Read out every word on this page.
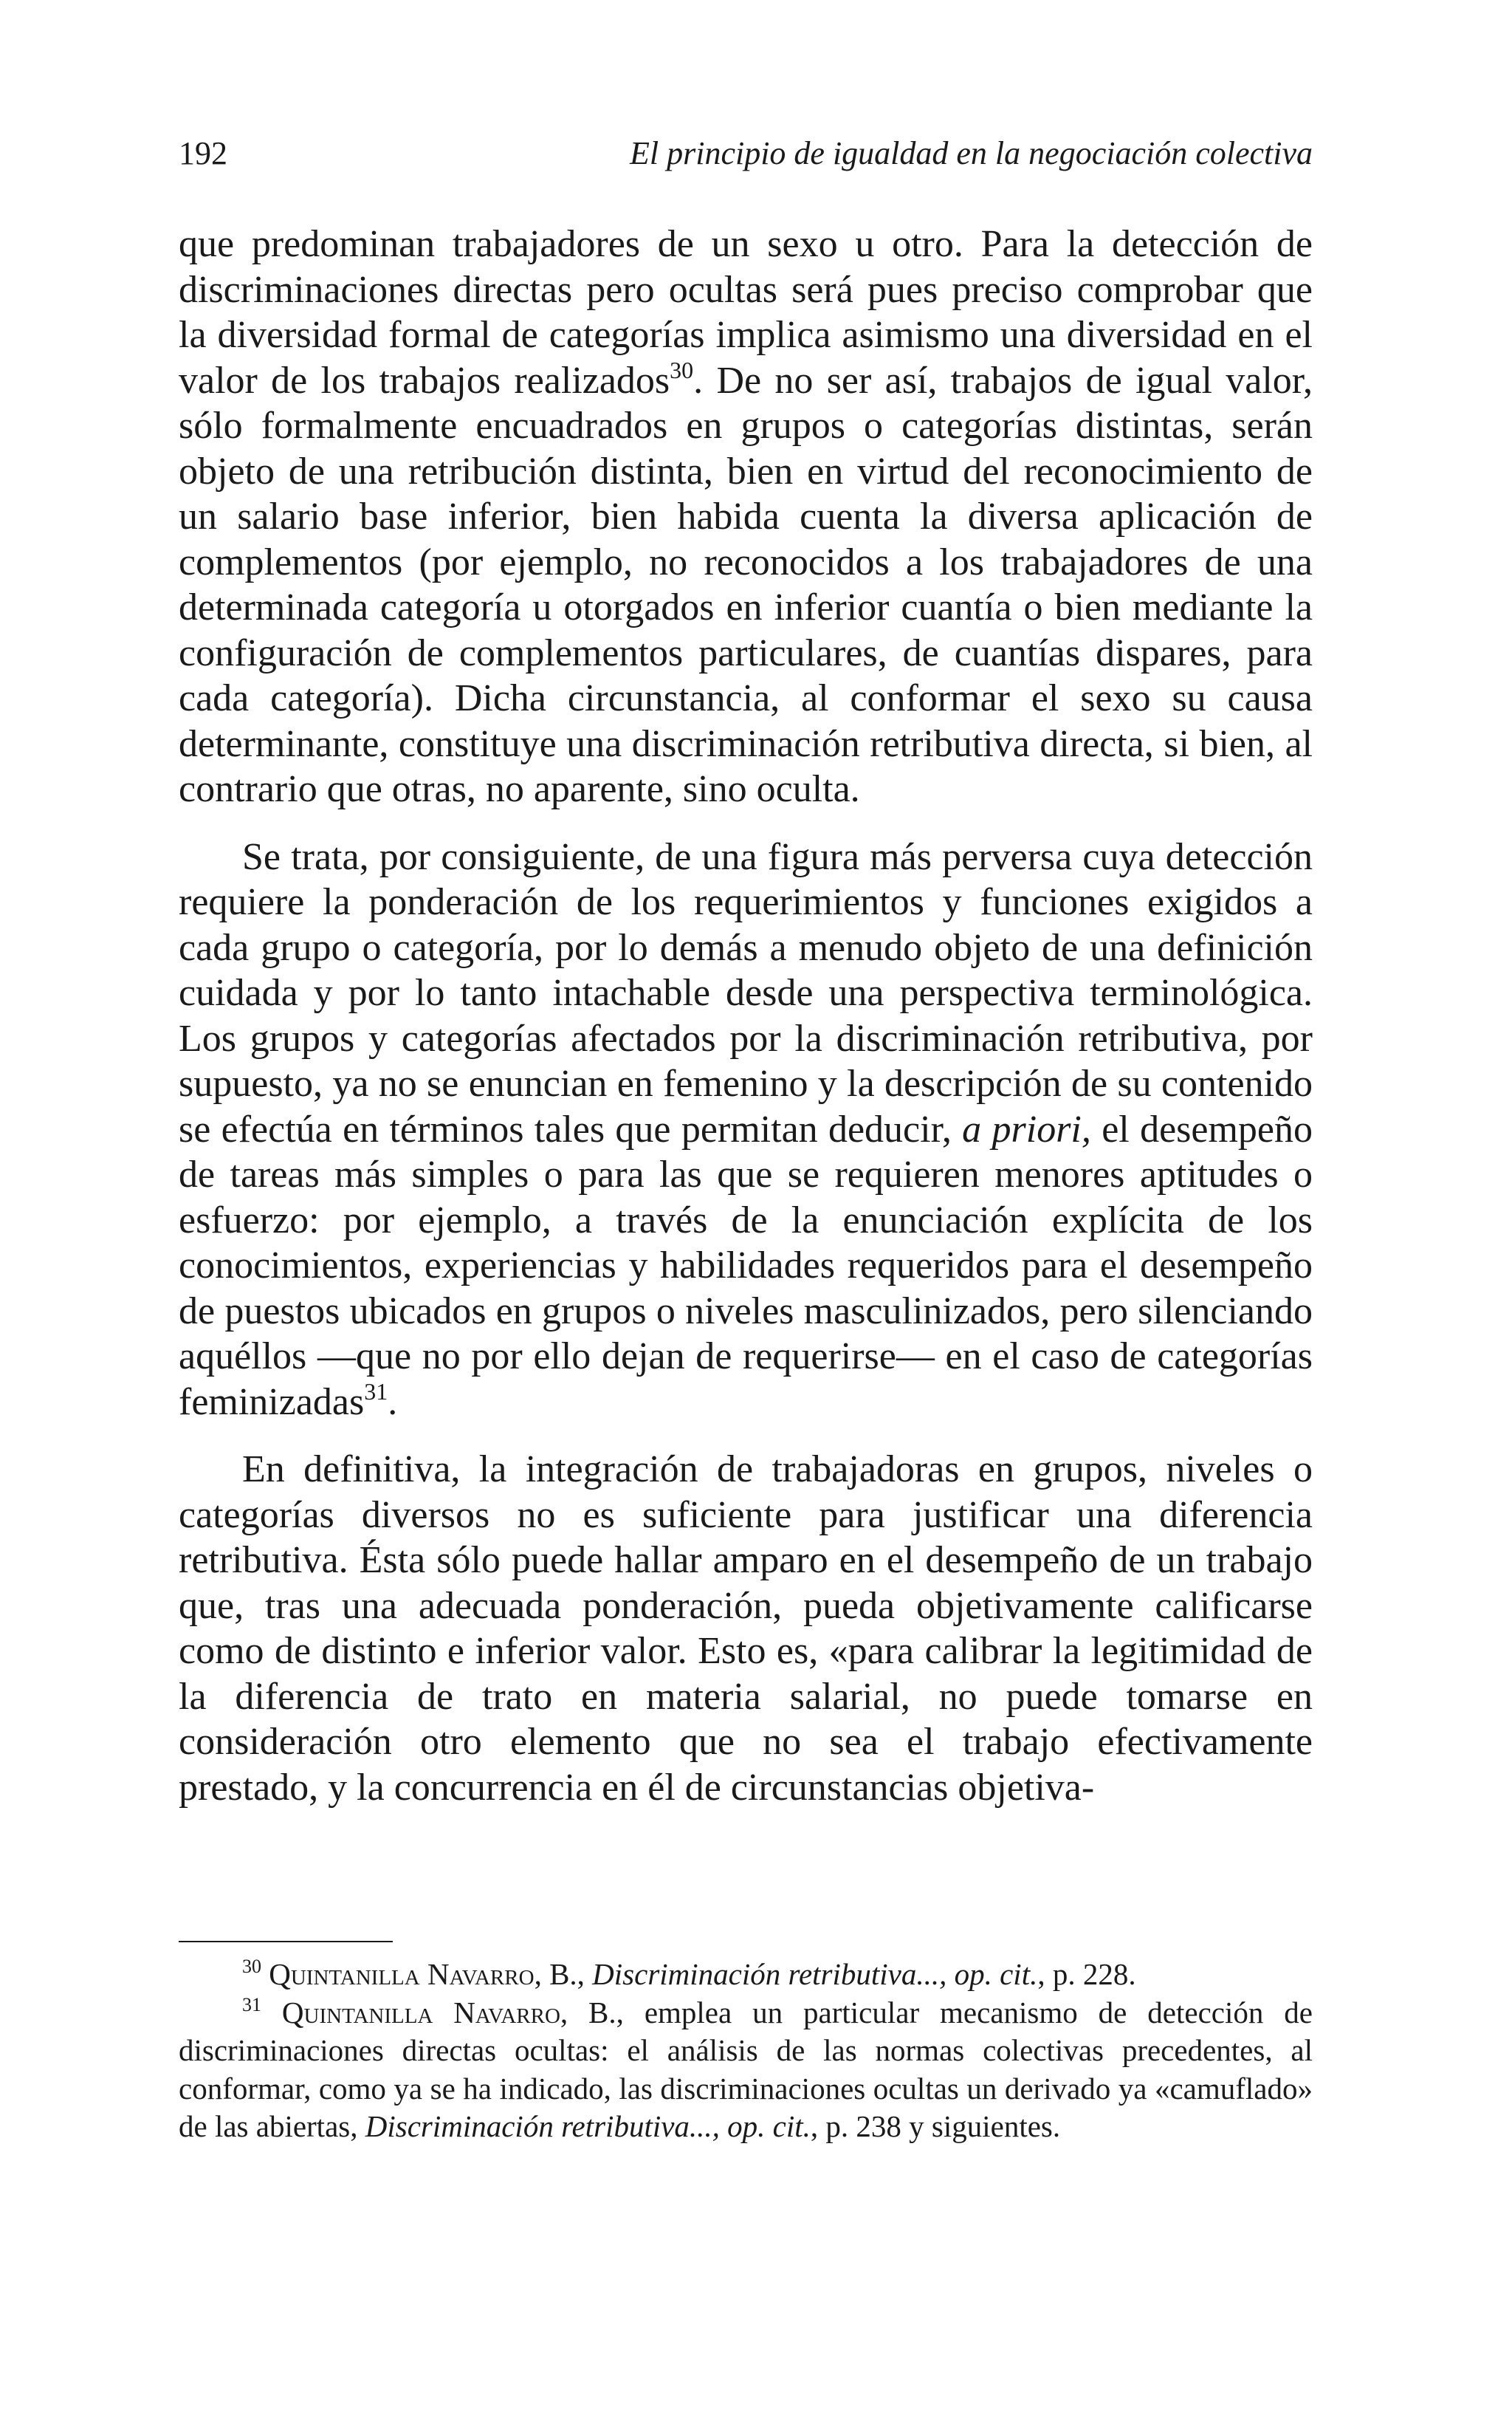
192	El principio de igualdad en la negociación colectiva

que predominan trabajadores de un sexo u otro. Para la detección de discriminaciones directas pero ocultas será pues preciso comprobar que la diversidad formal de categorías implica asimismo una diversidad en el valor de los trabajos realizados$^{30}$. De no ser así, trabajos de igual valor, sólo formalmente encuadrados en grupos o categorías distintas, serán objeto de una retribución distinta, bien en virtud del reconocimiento de un salario base inferior, bien habida cuenta la diversa aplicación de complementos (por ejemplo, no reconocidos a los trabajadores de una determinada categoría u otorgados en inferior cuantía o bien mediante la configuración de complementos particulares, de cuantías dispares, para cada categoría). Dicha circunstancia, al conformar el sexo su causa determinante, constituye una discriminación retributiva directa, si bien, al contrario que otras, no aparente, sino oculta.

Se trata, por consiguiente, de una figura más perversa cuya detección requiere la ponderación de los requerimientos y funciones exigidos a cada grupo o categoría, por lo demás a menudo objeto de una definición cuidada y por lo tanto intachable desde una perspectiva terminológica. Los grupos y categorías afectados por la discriminación retributiva, por supuesto, ya no se enuncian en femenino y la descripción de su contenido se efectúa en términos tales que permitan deducir, a priori, el desempeño de tareas más simples o para las que se requieren menores aptitudes o esfuerzo: por ejemplo, a través de la enunciación explícita de los conocimientos, experiencias y habilidades requeridos para el desempeño de puestos ubicados en grupos o niveles masculinizados, pero silenciando aquéllos —que no por ello dejan de requerirse— en el caso de categorías feminizadas$^{31}$.

En definitiva, la integración de trabajadoras en grupos, niveles o categorías diversos no es suficiente para justificar una diferencia retributiva. Ésta sólo puede hallar amparo en el desempeño de un trabajo que, tras una adecuada ponderación, pueda objetivamente calificarse como de distinto e inferior valor. Esto es, «para calibrar la legitimidad de la diferencia de trato en materia salarial, no puede tomarse en consideración otro elemento que no sea el trabajo efectivamente prestado, y la concurrencia en él de circunstancias objetiva-

$^{30}$ Quintanilla Navarro, B., Discriminación retributiva..., op. cit., p. 228.

$^{31}$ Quintanilla Navarro, B., emplea un particular mecanismo de detección de discriminaciones directas ocultas: el análisis de las normas colectivas precedentes, al conformar, como ya se ha indicado, las discriminaciones ocultas un derivado ya «camuflado» de las abiertas, Discriminación retributiva..., op. cit., p. 238 y siguientes.
